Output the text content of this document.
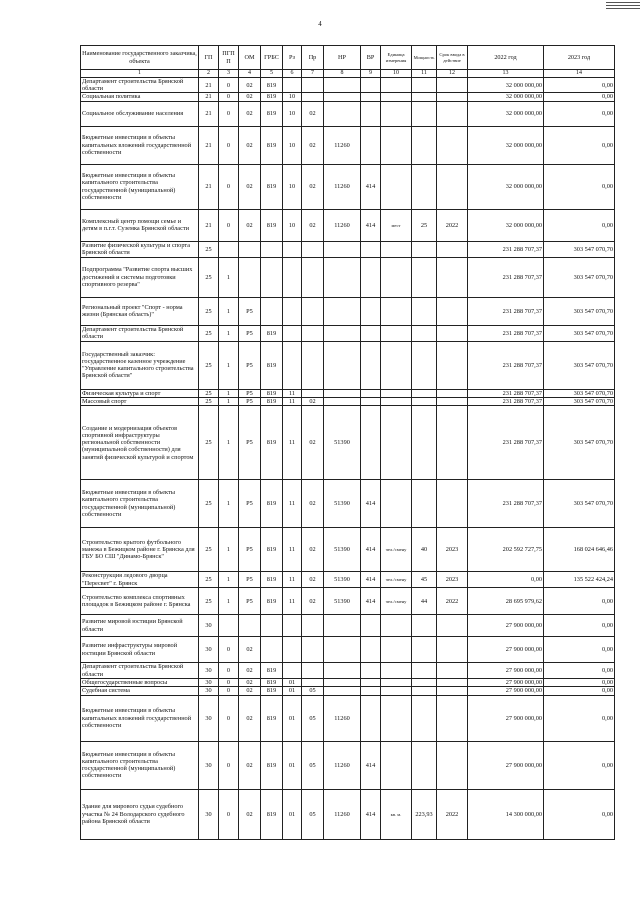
4
Наименование государственного заказчика, объекта	ГП	ПГП П	ОМ	ГРБС	Рз	Пр	НР	ВР	Единица измерения	Мощность	Срок ввода в действие	2022 год	2023 год
1	2	3	4	5	6	7	8	9	10	11	12	13	14
Департамент строительства Брянской области	21	0	02	819								32 000 000,00	0,00
Социальная политика	21	0	02	819	10							32 000 000,00	0,00
Социальное обслуживание населения	21	0	02	819	10	02						32 000 000,00	0,00
Бюджетные инвестиции в объекты капитальных вложений государственной собственности	21	0	02	819	10	02	11260					32 000 000,00	0,00
Бюджетные инвестиции в объекты капитального строительства государственной (муниципальной) собственности	21	0	02	819	10	02	11260	414				32 000 000,00	0,00
Комплексный центр помощи семье и детям в п.г.т. Суземка Брянской области	21	0	02	819	10	02	11260	414	мест	25	2022	32 000 000,00	0,00
Развитие физической культуры и спорта Брянской области	25											231 288 707,37	303 547 070,70
Подпрограмма "Развитие спорта высших достижений и системы подготовки спортивного резерва"	25	1										231 288 707,37	303 547 070,70
Региональный проект "Спорт - норма жизни (Брянская область)"	25	1	P5									231 288 707,37	303 547 070,70
Департамент строительства Брянской области	25	1	P5	819								231 288 707,37	303 547 070,70
Государственный заказчик: государственное казенное учреждение "Управление капитального строительства Брянской области"	25	1	P5	819								231 288 707,37	303 547 070,70
Физическая культура и спорт	25	1	P5	819	11							231 288 707,37	303 547 070,70
Массовый спорт	25	1	P5	819	11	02						231 288 707,37	303 547 070,70
Создание и модернизация объектов спортивной инфраструктуры региональной собственности (муниципальной собственности) для занятий физической культурой и спортом	25	1	P5	819	11	02	51390					231 288 707,37	303 547 070,70
Бюджетные инвестиции в объекты капитального строительства государственной (муниципальной) собственности	25	1	P5	819	11	02	51390	414				231 288 707,37	303 547 070,70
Строительство крытого футбольного манежа в Бежицком районе г. Брянска для ГБУ БО СШ "Динамо-Брянск"	25	1	P5	819	11	02	51390	414	чел./смену	40	2023	202 592 727,75	168 024 646,46
Реконструкция ледового дворца "Пересвет" г. Брянск	25	1	P5	819	11	02	51390	414	чел./смену	45	2023	0,00	135 522 424,24
Строительство комплекса спортивных площадок в Бежицком районе г. Брянска	25	1	P5	819	11	02	51390	414	чел./смену	44	2022	28 695 979,62	0,00
Развитие мировой юстиции Брянской области	30											27 900 000,00	0,00
Развитие инфраструктуры мировой юстиции Брянской области	30	0	02									27 900 000,00	0,00
Департамент строительства Брянской области	30	0	02	819								27 900 000,00	0,00
Общегосударственные вопросы	30	0	02	819	01							27 900 000,00	0,00
Судебная система	30	0	02	819	01	05						27 900 000,00	0,00
Бюджетные инвестиции в объекты капитальных вложений государственной собственности	30	0	02	819	01	05	11260					27 900 000,00	0,00
Бюджетные инвестиции в объекты капитального строительства государственной (муниципальной) собственности	30	0	02	819	01	05	11260	414				27 900 000,00	0,00
Здание для мирового судьи судебного участка № 24 Володарского судебного района Брянской области	30	0	02	819	01	05	11260	414	кв. м.	223,93	2022	14 300 000,00	0,00
